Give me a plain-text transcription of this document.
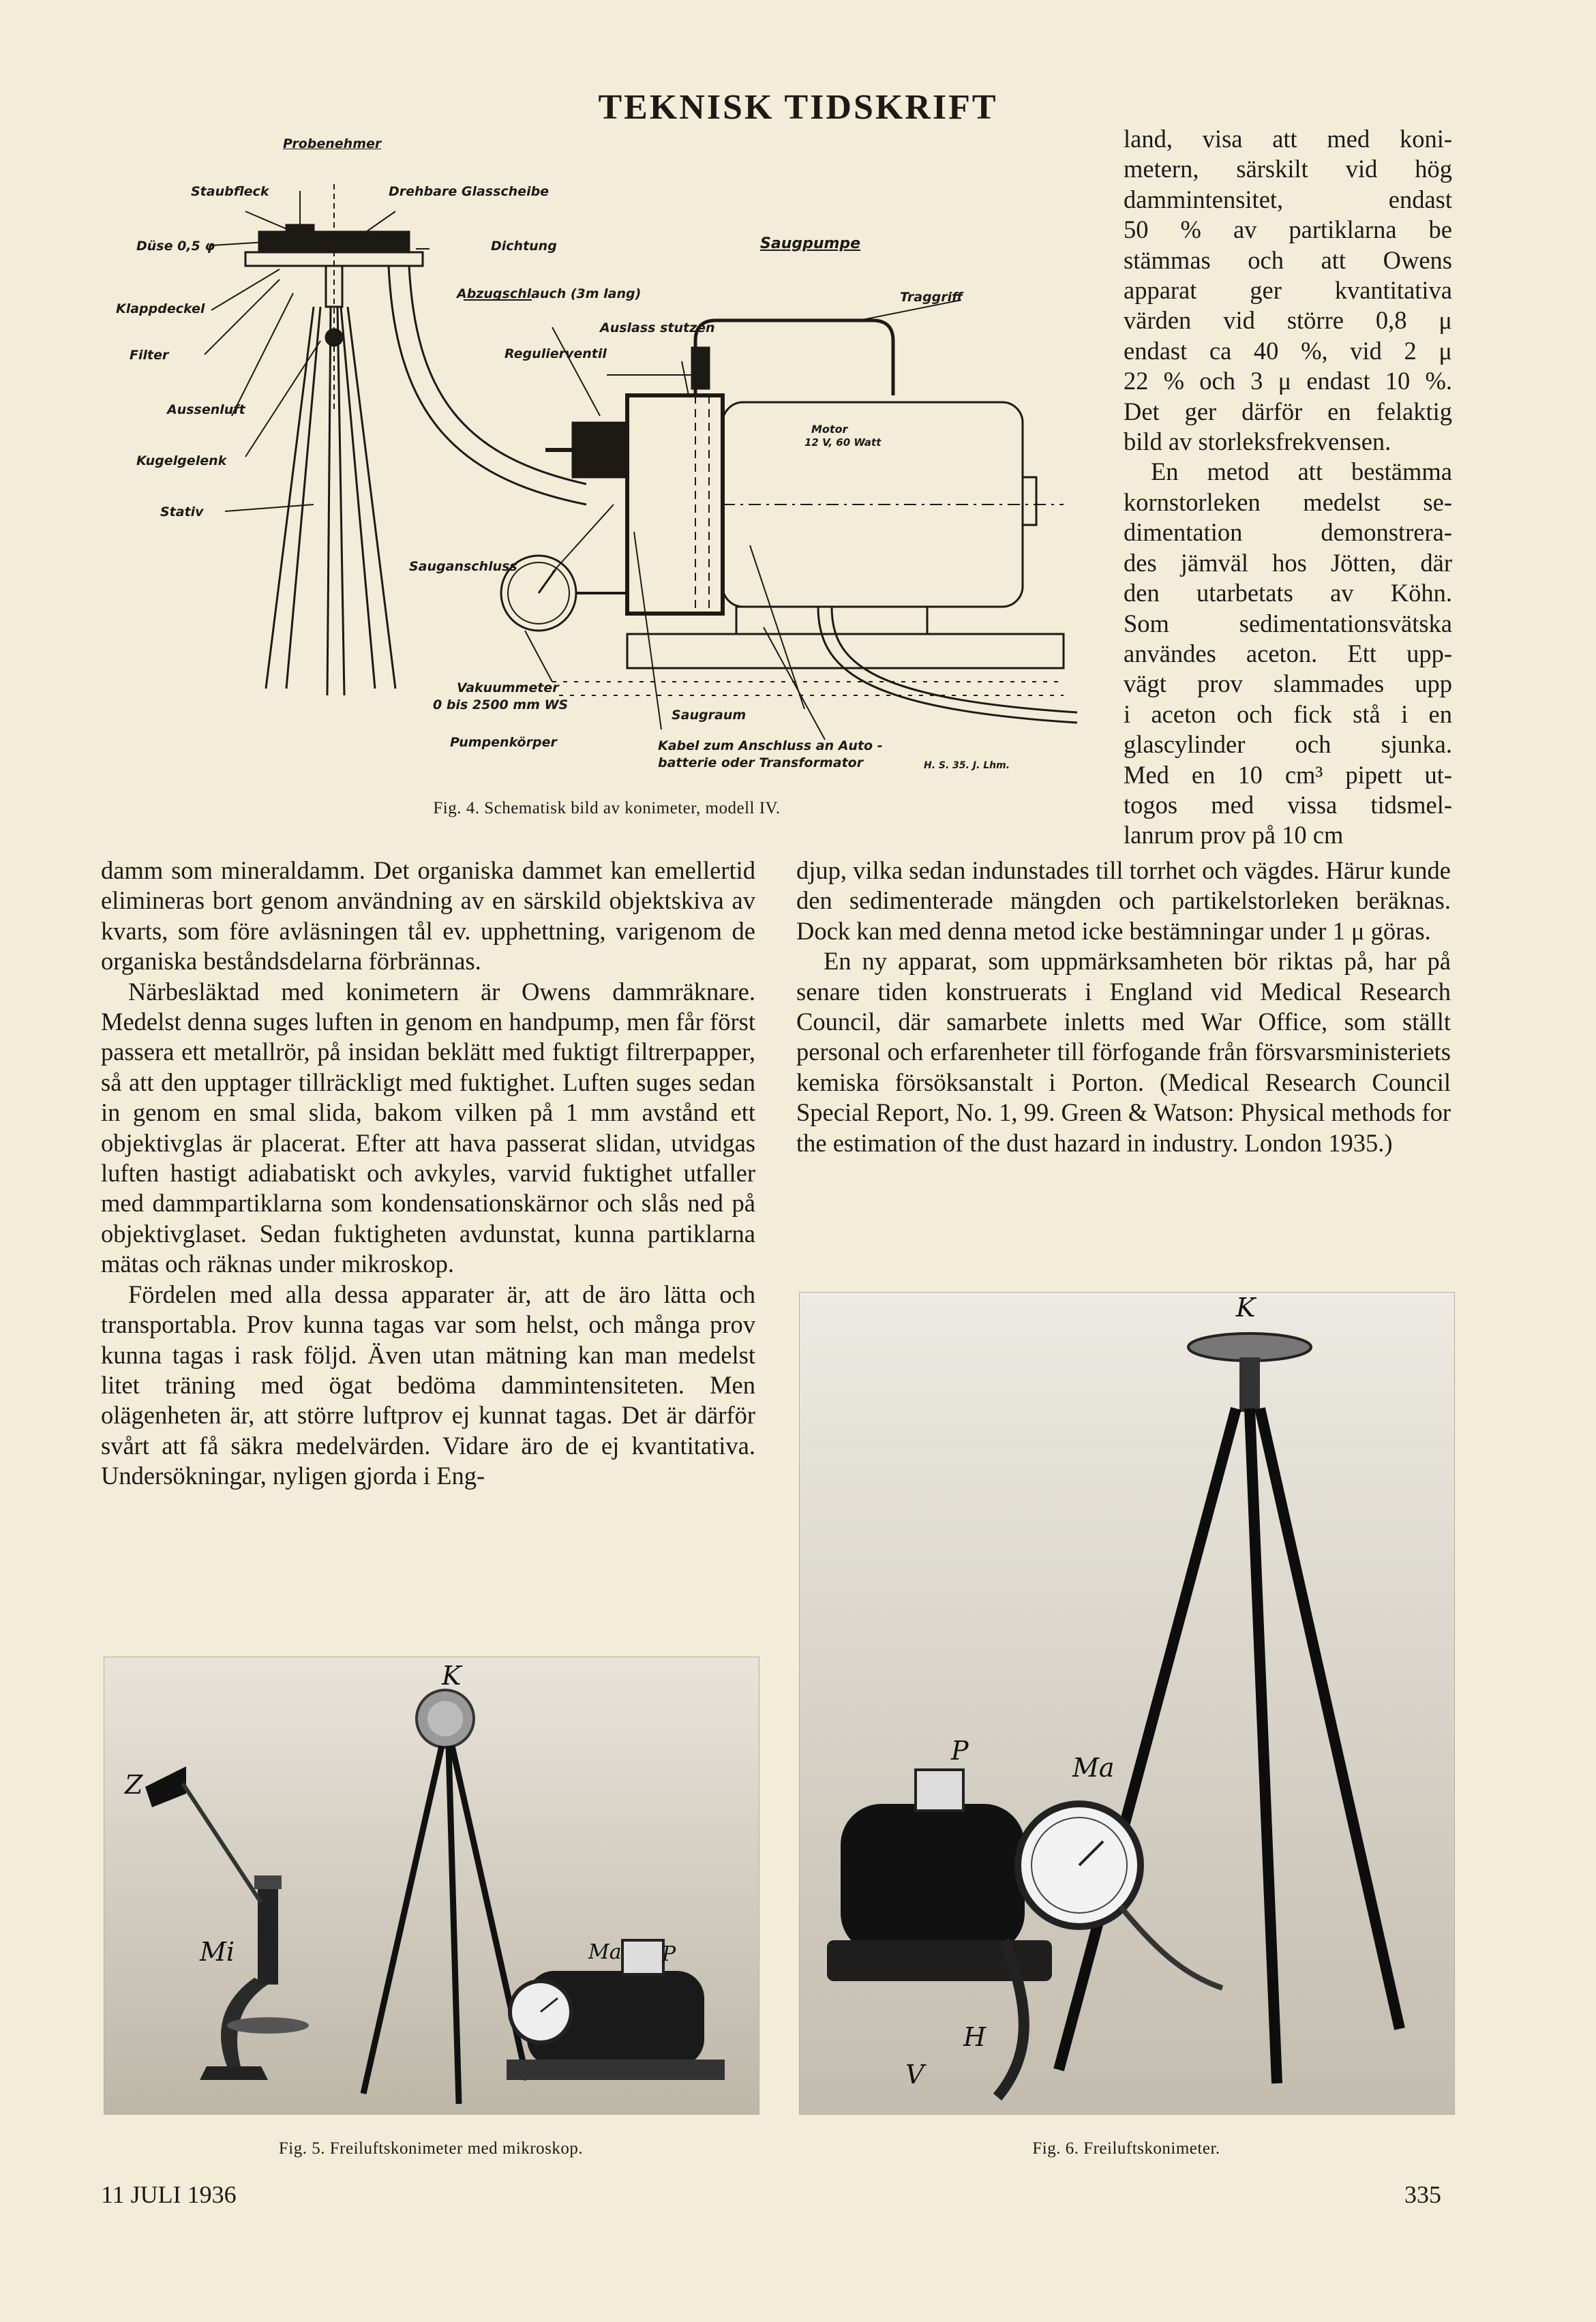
TEKNISK TIDSKRIFT
Probenehmer
Staubfleck	Drehbare Glasscheibe
Düse 0,5 φ	Dichtung	Saugpumpe
Klappdeckel
Abzugschlauch (3m lang)	Traggriff
Auslass stutzen
Filter	Regulierventil
Aussenluft
Motor
12 V, 60 Watt
Kugelgelenk
Stativ
Sauganschluss
Vakuummeter
0 bis 2500 mm WS
Saugraum
Pumpenkörper	Kabel zum Anschluss an Auto -
batterie oder Transformator	H. S. 35. J. Lhm.
Fig. 4. Schematisk bild av konimeter, modell IV.
land, visa att med koni-
metern, särskilt vid hög
dammintensitet, endast
50 % av partiklarna be
stämmas och att Owens
apparat ger kvantitativa
värden vid större 0,8 μ
endast ca 40 %, vid 2 μ
22 % och 3 μ endast 10 %.
Det ger därför en felaktig
bild av storleksfrekvensen.
En metod att bestämma
kornstorleken medelst se-
dimentation demonstrera-
des jämväl hos Jötten, där
den utarbetats av Köhn.
Som sedimentationsvätska
användes aceton. Ett upp-
vägt prov slammades upp
i aceton och fick stå i en
glascylinder och sjunka.
Med en 10 cm³ pipett ut-
togos med vissa tidsmel-
lanrum prov på 10 cm

damm som mineraldamm. Det organiska dammet kan emellertid elimineras bort genom användning av en särskild objektskiva av kvarts, som före avläsningen tål ev. upphettning, varigenom de organiska beståndsdelarna förbrännas.

Närbesläktad med konimetern är Owens dammräknare. Medelst denna suges luften in genom en handpump, men får först passera ett metallrör, på insidan beklätt med fuktigt filtrerpapper, så att den upptager tillräckligt med fuktighet. Luften suges sedan in genom en smal slida, bakom vilken på 1 mm avstånd ett objektivglas är placerat. Efter att hava passerat slidan, utvidgas luften hastigt adiabatiskt och avkyles, varvid fuktighet utfaller med dammpartiklarna som kondensationskärnor och slås ned på objektivglaset. Sedan fuktigheten avdunstat, kunna partiklarna mätas och räknas under mikroskop.

Fördelen med alla dessa apparater är, att de äro lätta och transportabla. Prov kunna tagas var som helst, och många prov kunna tagas i rask följd. Även utan mätning kan man medelst litet träning med ögat bedöma dammintensiteten. Men olägenheten är, att större luftprov ej kunnat tagas. Det är därför svårt att få säkra medelvärden. Vidare äro de ej kvantitativa. Undersökningar, nyligen gjorda i Eng-

djup, vilka sedan indunstades till torrhet och vägdes. Härur kunde den sedimenterade mängden och partikelstorleken beräknas. Dock kan med denna metod icke bestämningar under 1 μ göras.

En ny apparat, som uppmärksamheten bör riktas på, har på senare tiden konstruerats i England vid Medical Research Council, där samarbete inletts med War Office, som ställt personal och erfarenheter till förfogande från försvarsministeriets kemiska försöksanstalt i Porton. (Medical Research Council Special Report, No. 1, 99. Green & Watson: Physical methods for the estimation of the dust hazard in industry. London 1935.)

K
Z
Mi	Ma P
Fig. 5. Freiluftskonimeter med mikroskop.
K
P
Ma
H
V
Fig. 6. Freiluftskonimeter.
11 JULI 1936	335
